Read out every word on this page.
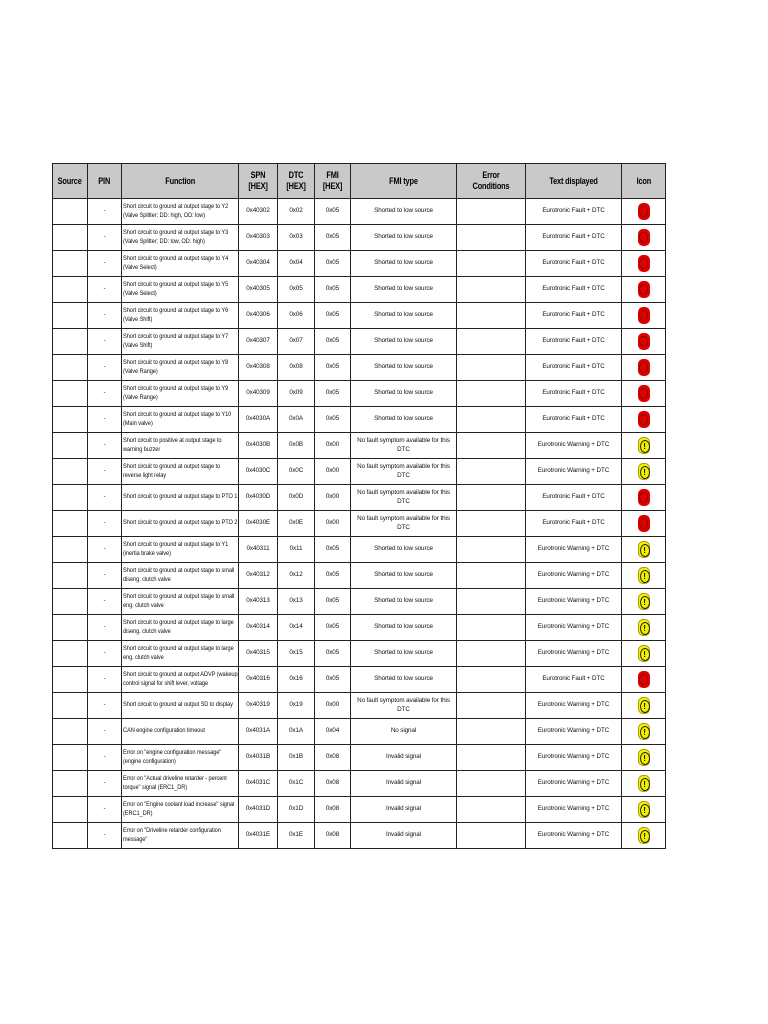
Source	PIN	Function	SPN [HEX]	DTC [HEX]	FMI [HEX]	FMI type	Error Conditions	Text displayed	Icon
	-	Short circuit to ground at output stage to Y2 (Valve Splitter; DD: high, OD: low)	0x40302	0x02	0x05	Shorted to low source		Eurotronic Fault + DTC	
	-	Short circuit to ground at output stage to Y3 (Valve Splitter; DD: low, OD: high)	0x40303	0x03	0x05	Shorted to low source		Eurotronic Fault + DTC	
	-	Short circuit to ground at output stage to Y4 (Valve Select)	0x40304	0x04	0x05	Shorted to low source		Eurotronic Fault + DTC	
	-	Short circuit to ground at output stage to Y5 (Valve Select)	0x40305	0x05	0x05	Shorted to low source		Eurotronic Fault + DTC	
	-	Short circuit to ground at output stage to Y6 (Valve Shift)	0x40306	0x06	0x05	Shorted to low source		Eurotronic Fault + DTC	
	-	Short circuit to ground at output stage to Y7 (Valve Shift)	0x40307	0x07	0x05	Shorted to low source		Eurotronic Fault + DTC	
	-	Short circuit to ground at output stage to Y8 (Valve Range)	0x40308	0x08	0x05	Shorted to low source		Eurotronic Fault + DTC	
	-	Short circuit to ground at output stage to Y9 (Valve Range)	0x40309	0x09	0x05	Shorted to low source		Eurotronic Fault + DTC	
	-	Short circuit to ground at output stage to Y10 (Main valve)	0x4030A	0x0A	0x05	Shorted to low source		Eurotronic Fault + DTC	
	-	Short circuit to positive at output stage to warning buzzer	0x4030B	0x0B	0x00	No fault symptom available for this DTC		Eurotronic Warning + DTC	!
	-	Short circuit to ground at output stage to reverse light relay	0x4030C	0x0C	0x00	No fault symptom available for this DTC		Eurotronic Warning + DTC	!
	-	Short circuit to ground at output stage to PTO 1	0x4030D	0x0D	0x00	No fault symptom available for this DTC		Eurotronic Fault + DTC	
	-	Short circuit to ground at output stage to PTO 2	0x4030E	0x0E	0x00	No fault symptom available for this DTC		Eurotronic Fault + DTC	
	-	Short circuit to ground at output stage to Y1 (inertia brake valve)	0x40311	0x11	0x05	Shorted to low source		Eurotronic Warning + DTC	!
	-	Short circuit to ground at output stage to small diseng. clutch valve	0x40312	0x12	0x05	Shorted to low source		Eurotronic Warning + DTC	!
	-	Short circuit to ground at output stage to small eng. clutch valve	0x40313	0x13	0x05	Shorted to low source		Eurotronic Warning + DTC	!
	-	Short circuit to ground at output stage to large diseng. clutch valve	0x40314	0x14	0x05	Shorted to low source		Eurotronic Warning + DTC	!
	-	Short circuit to ground at output stage to large eng. clutch valve	0x40315	0x15	0x05	Shorted to low source		Eurotronic Warning + DTC	!
	-	Short circuit to ground at output ADVP (wakeup control signal for shift lever, voltage	0x40316	0x16	0x05	Shorted to low source		Eurotronic Fault + DTC	
	-	Short circuit to ground at output SD to display	0x40319	0x19	0x00	No fault symptom available for this DTC		Eurotronic Warning + DTC	!
	-	CAN engine configuration timeout	0x4031A	0x1A	0x04	No signal		Eurotronic Warning + DTC	!
	-	Error on "engine configuration message" (engine configuration)	0x4031B	0x1B	0x08	Invalid signal		Eurotronic Warning + DTC	!
	-	Error on "Actual driveline retarder - percent torque" signal (ERC1_DR)	0x4031C	0x1C	0x08	Invalid signal		Eurotronic Warning + DTC	!
	-	Error on "Engine coolant load increase" signal (ERC1_DR)	0x4031D	0x1D	0x08	Invalid signal		Eurotronic Warning + DTC	!
	-	Error on "Driveline retarder configuration message"	0x4031E	0x1E	0x08	Invalid signal		Eurotronic Warning + DTC	!
